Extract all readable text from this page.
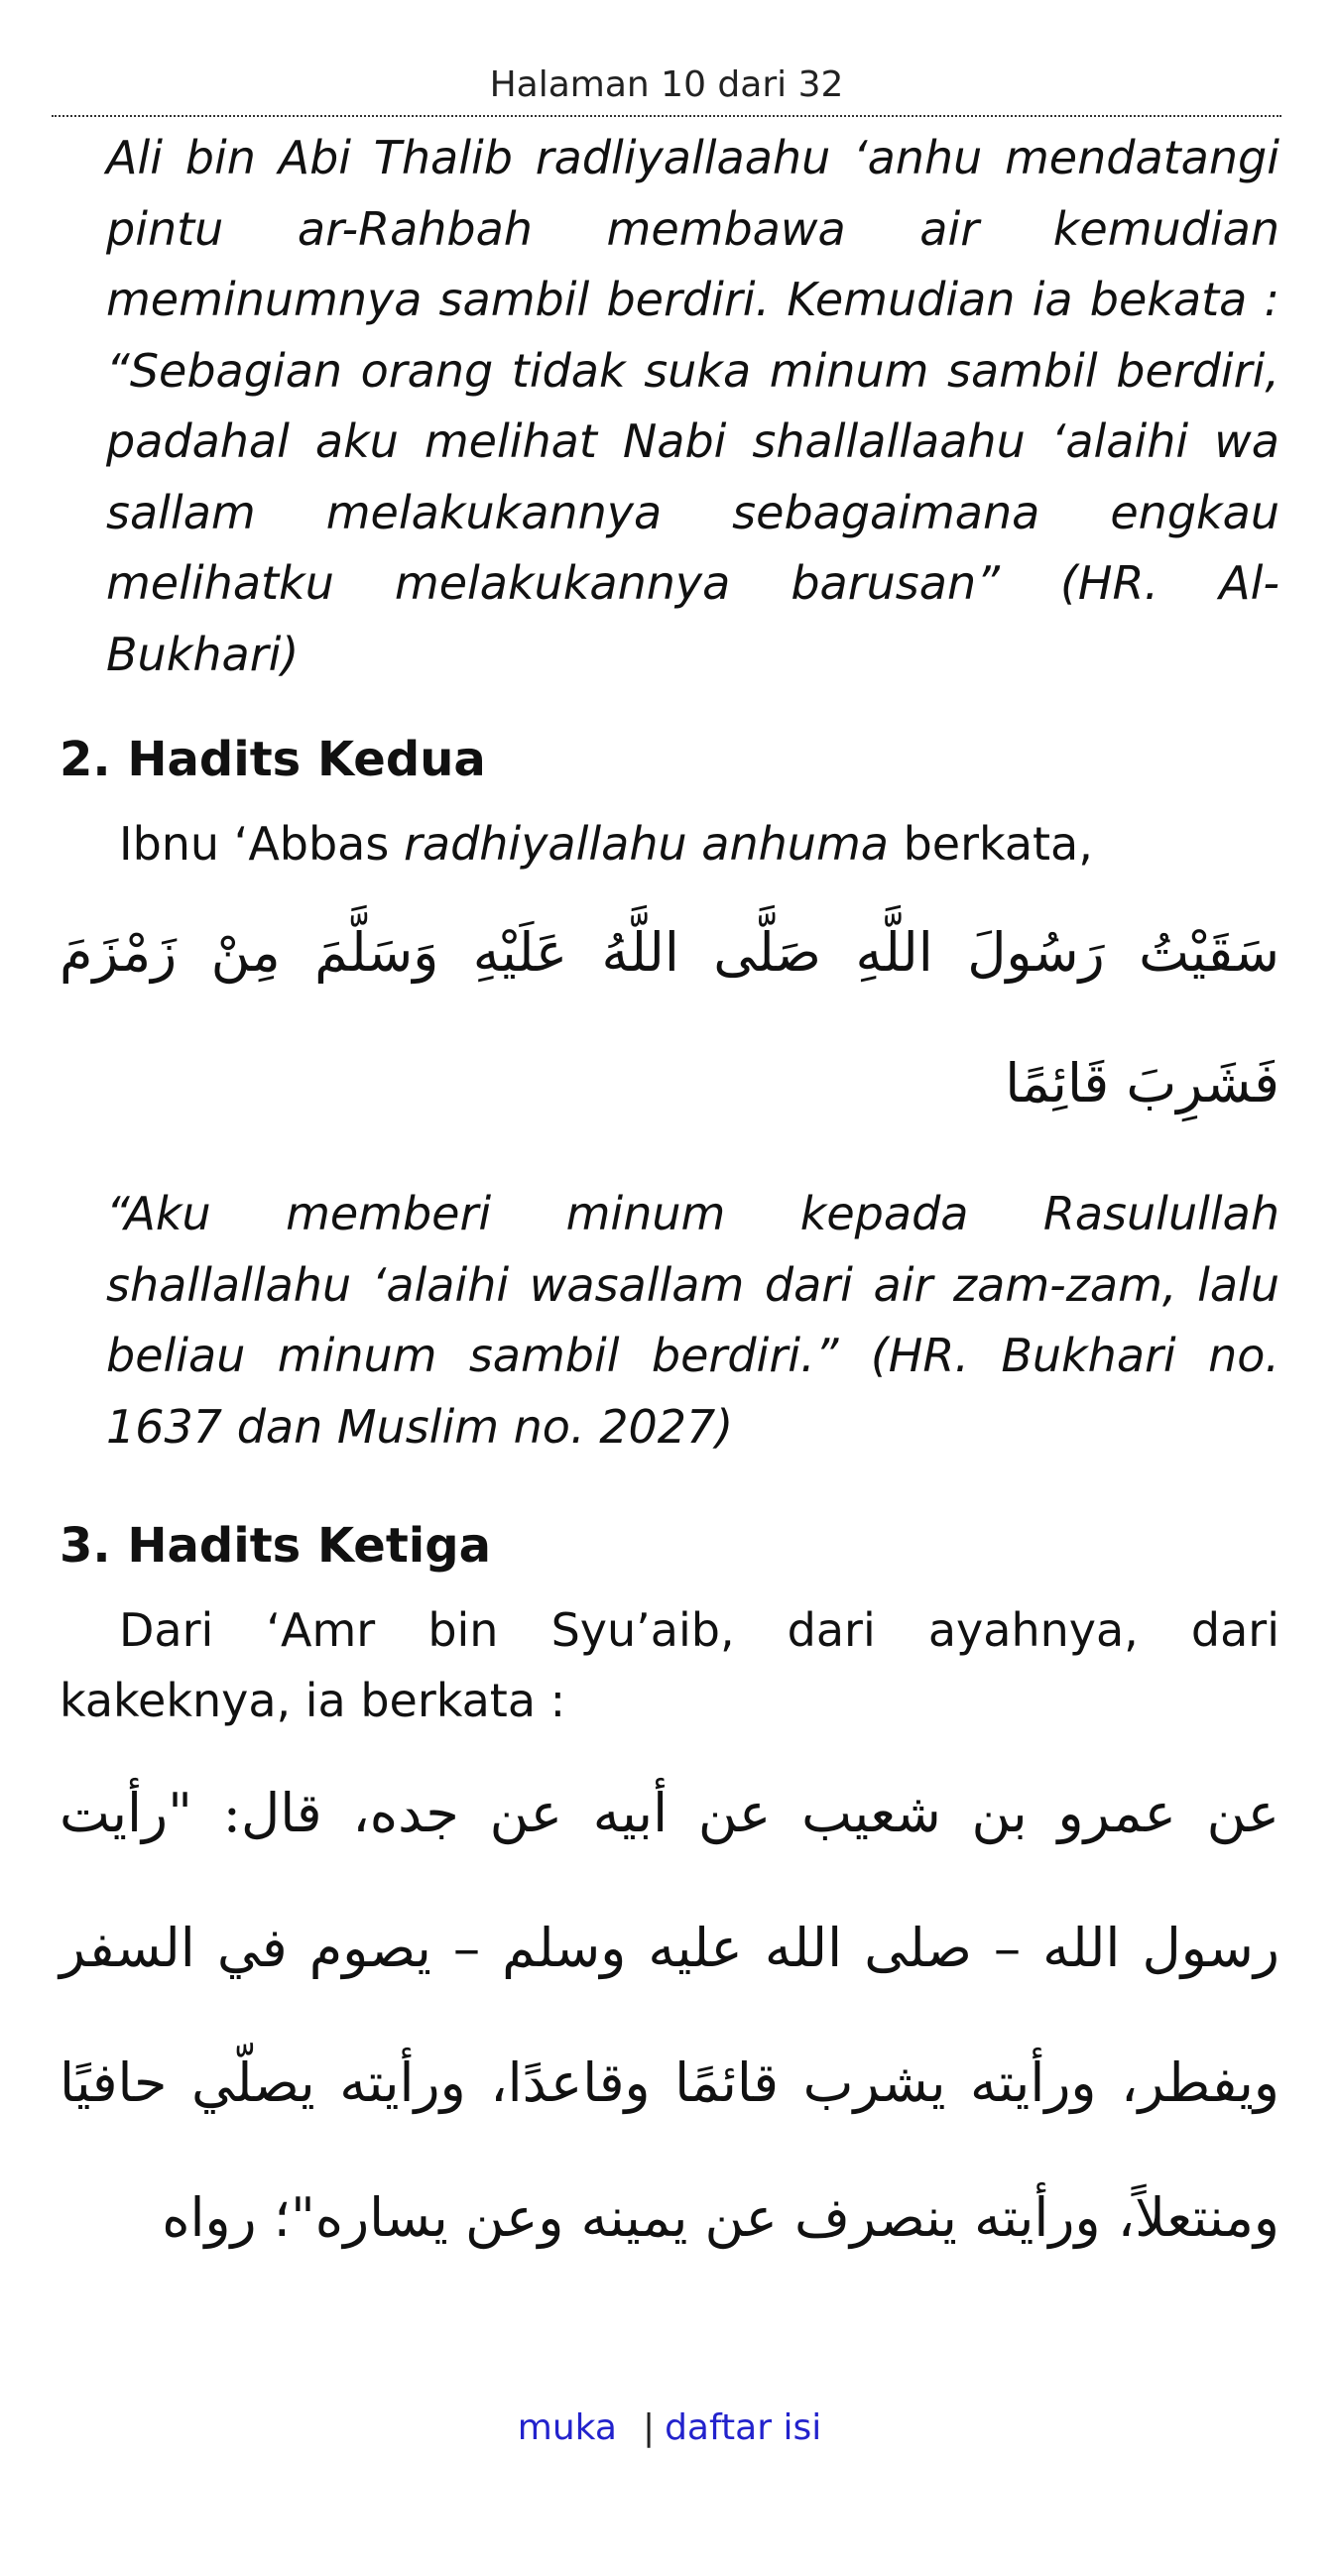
Halaman 10 dari 32

Ali bin Abi Thalib radliyallaahu ‘anhu mendatangi pintu ar-Rahbah membawa air kemudian meminumnya sambil berdiri. Kemudian ia bekata : “Sebagian orang tidak suka minum sambil berdiri, padahal aku melihat Nabi shallallaahu ‘alaihi wa sallam melakukannya sebagaimana engkau melihatku melakukannya barusan” (HR. Al-Bukhari)

2. Hadits Kedua

Ibnu ‘Abbas radhiyallahu anhuma berkata,

سَقَيْتُ رَسُولَ اللَّهِ صَلَّى اللَّهُ عَلَيْهِ وَسَلَّمَ مِنْ زَمْزَمَ فَشَرِبَ قَائِمًا

“Aku memberi minum kepada Rasulullah shallallahu ‘alaihi wasallam dari air zam-zam, lalu beliau minum sambil berdiri.” (HR. Bukhari no. 1637 dan Muslim no. 2027)

3. Hadits Ketiga

Dari ‘Amr bin Syu’aib, dari ayahnya, dari kakeknya, ia berkata :

عن عمرو بن شعيب عن أبيه عن جده، قال: "رأيت رسول الله – صلى الله عليه وسلم – يصوم في السفر ويفطر، ورأيته يشرب قائمًا وقاعدًا، ورأيته يصلّي حافيًا ومنتعلاً، ورأيته ينصرف عن يمينه وعن يساره"؛ رواه

muka | daftar isi
